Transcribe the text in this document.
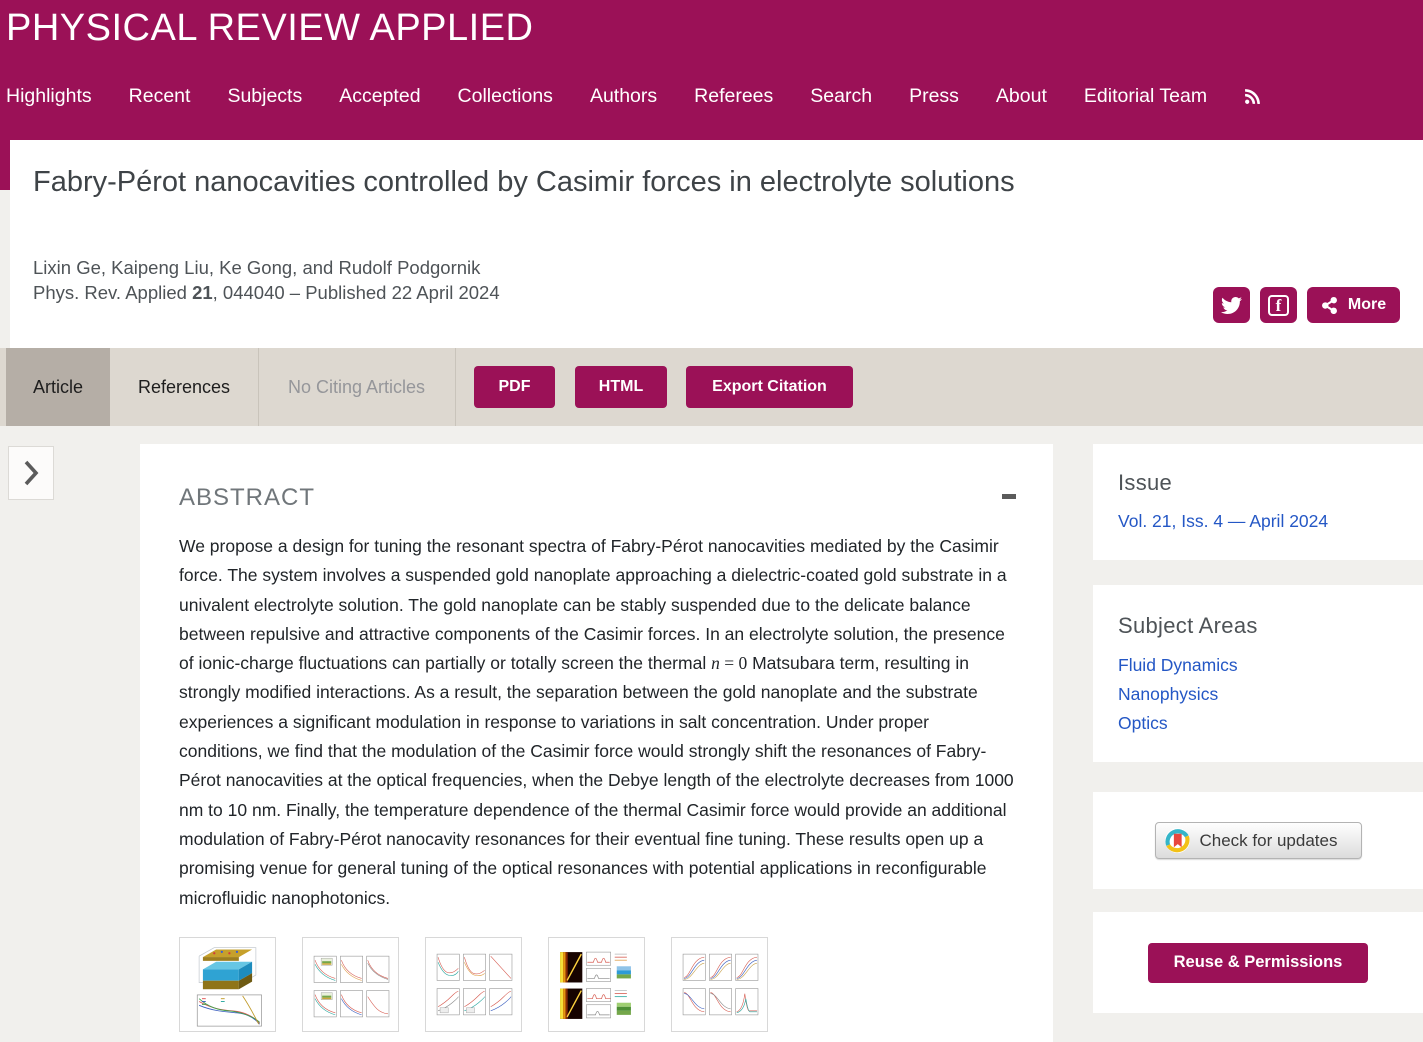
PHYSICAL REVIEW APPLIED
Highlights Recent Subjects Accepted Collections Authors Referees Search Press About Editorial Team
Fabry-Pérot nanocavities controlled by Casimir forces in electrolyte solutions
Lixin Ge, Kaipeng Liu, Ke Gong, and Rudolf Podgornik
Phys. Rev. Applied 21, 044040 – Published 22 April 2024
f	More
Article	References	No Citing Articles	PDF	HTML	Export Citation
ABSTRACT

We propose a design for tuning the resonant spectra of Fabry-Pérot nanocavities mediated by the Casimir force. The system involves a suspended gold nanoplate approaching a dielectric-coated gold substrate in a univalent electrolyte solution. The gold nanoplate can be stably suspended due to the delicate balance between repulsive and attractive components of the Casimir forces. In an electrolyte solution, the presence of ionic-charge fluctuations can partially or totally screen the thermal n = 0 Matsubara term, resulting in strongly modified interactions. As a result, the separation between the gold nanoplate and the substrate experiences a significant modulation in response to variations in salt concentration. Under proper conditions, we find that the modulation of the Casimir force would strongly shift the resonances of Fabry-Pérot nanocavities at the optical frequencies, when the Debye length of the electrolyte decreases from 1000 nm to 10 nm. Finally, the temperature dependence of the thermal Casimir force would provide an additional modulation of Fabry-Pérot nanocavity resonances for their eventual fine tuning. These results open up a promising venue for general tuning of the optical resonances with potential applications in reconfigurable microfluidic nanophotonics.

Issue
Vol. 21, Iss. 4 — April 2024
Subject Areas
Fluid Dynamics
Nanophysics
Optics
Check for updates
Reuse & Permissions
